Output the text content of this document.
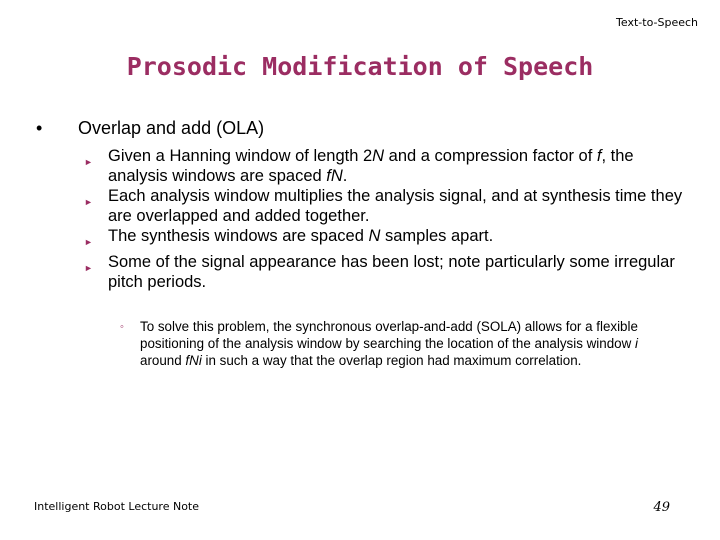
Text-to-Speech
Prosodic Modification of Speech
•	Overlap and add (OLA)
► Given a Hanning window of length 2N and a compression factor of f, the analysis windows are spaced fN.
► Each analysis window multiplies the analysis signal, and at synthesis time they are overlapped and added together.
► The synthesis windows are spaced N samples apart.
► Some of the signal appearance has been lost; note particularly some irregular pitch periods.
◦	To solve this problem, the synchronous overlap-and-add (SOLA) allows for a flexible positioning of the analysis window by searching the location of the analysis window i around fNi in such a way that the overlap region had maximum correlation.
Intelligent Robot Lecture Note	49
